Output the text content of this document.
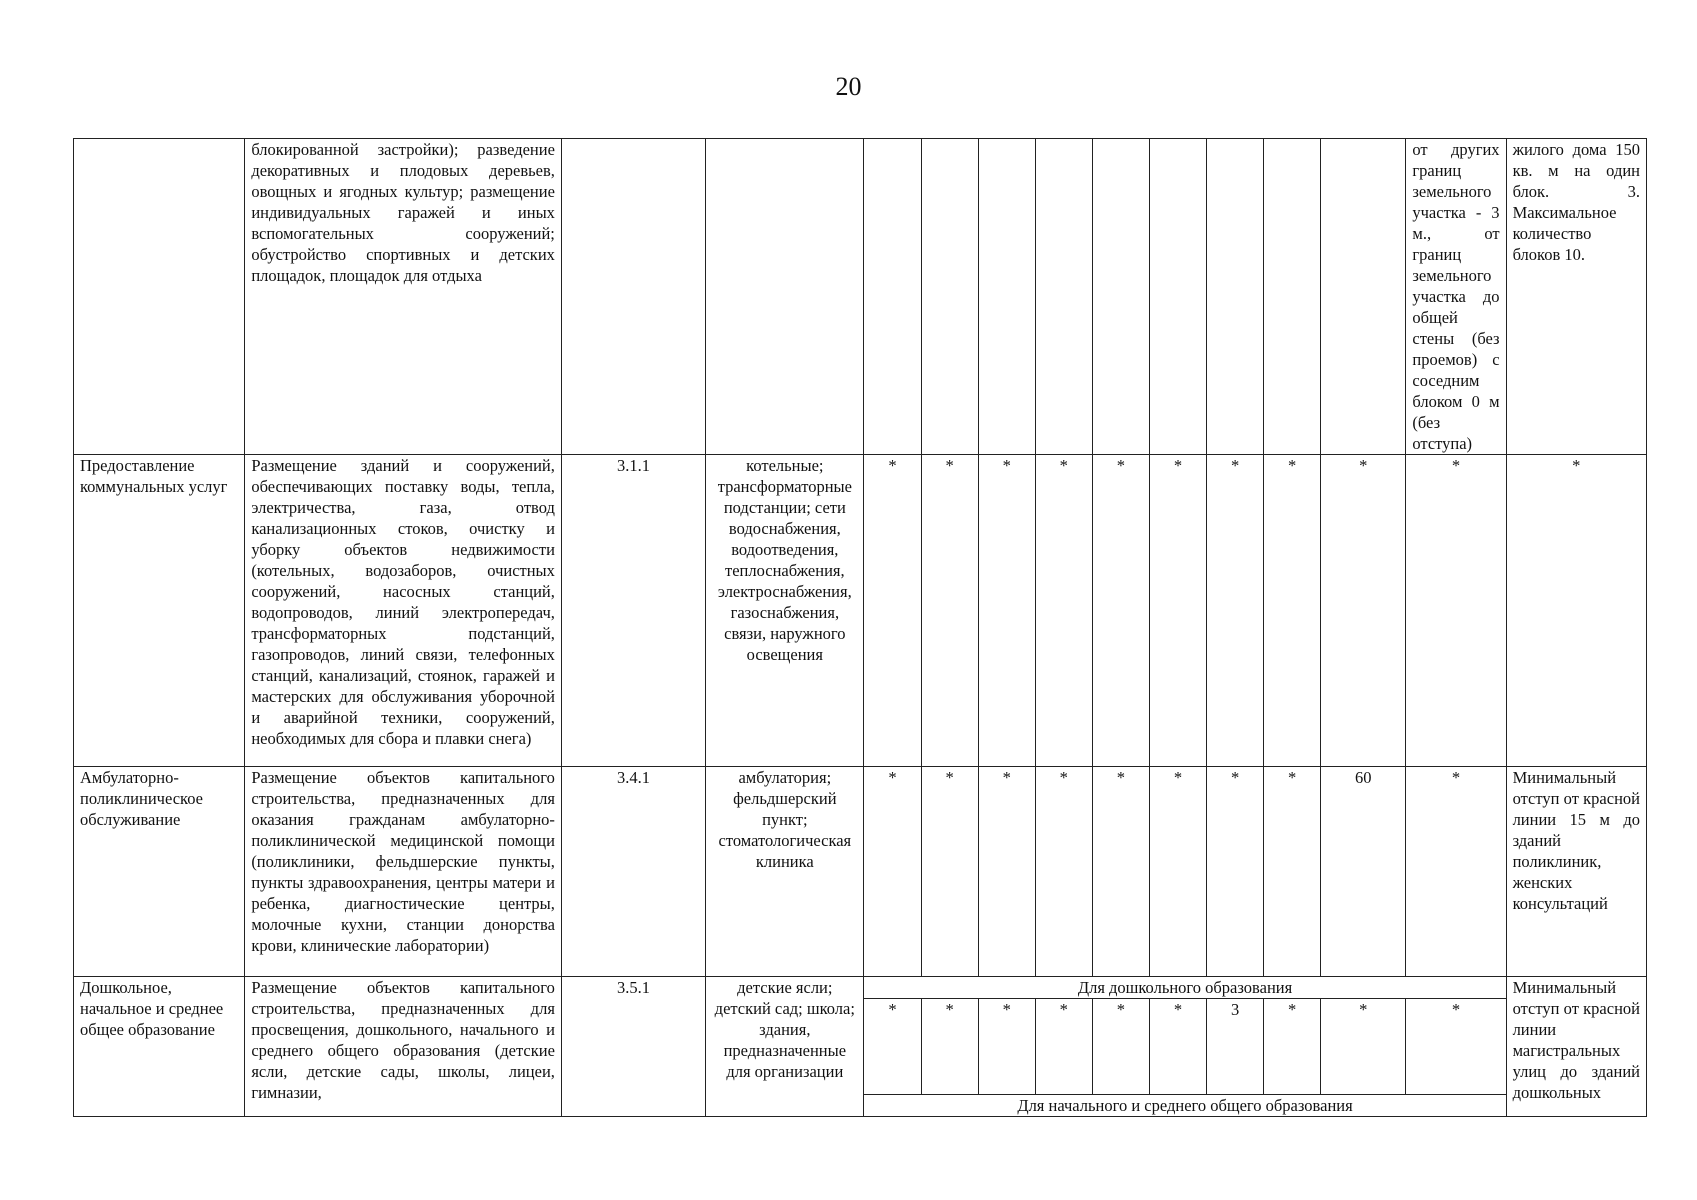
20
	блокированной застройки); разведение декоративных и плодовых деревьев, овощных и ягодных культур; размещение индивидуальных гаражей и иных вспомогательных сооружений; обустройство спортивных и детских площадок, площадок для отдыха												от других границ земельного участка - 3 м., от границ земельного участка до общей стены (без проемов) с соседним блоком 0 м (без отступа)	жилого дома 150 кв. м на один блок. 3. Максимальное количество блоков 10.
Предоставление коммунальных услуг	Размещение зданий и сооружений, обеспечивающих поставку воды, тепла, электричества, газа, отвод канализационных стоков, очистку и уборку объектов недвижимости (котельных, водозаборов, очистных сооружений, насосных станций, водопроводов, линий электропередач, трансформаторных подстанций, газопроводов, линий связи, телефонных станций, канализаций, стоянок, гаражей и мастерских для обслуживания уборочной и аварийной техники, сооружений, необходимых для сбора и плавки снега)	3.1.1	котельные; трансформаторные подстанции; сети водоснабжения, водоотведения, теплоснабжения, электроснабжения, газоснабжения, связи, наружного освещения	*	*	*	*	*	*	*	*	*	*	*
Амбулаторно-поликлиническое обслуживание	Размещение объектов капитального строительства, предназначенных для оказания гражданам амбулаторно-поликлинической медицинской помощи (поликлиники, фельдшерские пункты, пункты здравоохранения, центры матери и ребенка, диагностические центры, молочные кухни, станции донорства крови, клинические лаборатории)	3.4.1	амбулатория; фельдшерский пункт; стоматологическая клиника	*	*	*	*	*	*	*	*	60	*	Минимальный отступ от красной линии 15 м до зданий поликлиник, женских консультаций
Дошкольное, начальное и среднее общее образование	Размещение объектов капитального строительства, предназначенных для просвещения, дошкольного, начального и среднего общего образования (детские ясли, детские сады, школы, лицеи, гимназии,	3.5.1	детские ясли; детский сад; школа; здания, предназначенные для организации	Для дошкольного образования										Минимальный отступ от красной линии магистральных улиц до зданий дошкольных
				*	*	*	*	*	*	3	*	*	*	
				Для начального и среднего общего образования										
